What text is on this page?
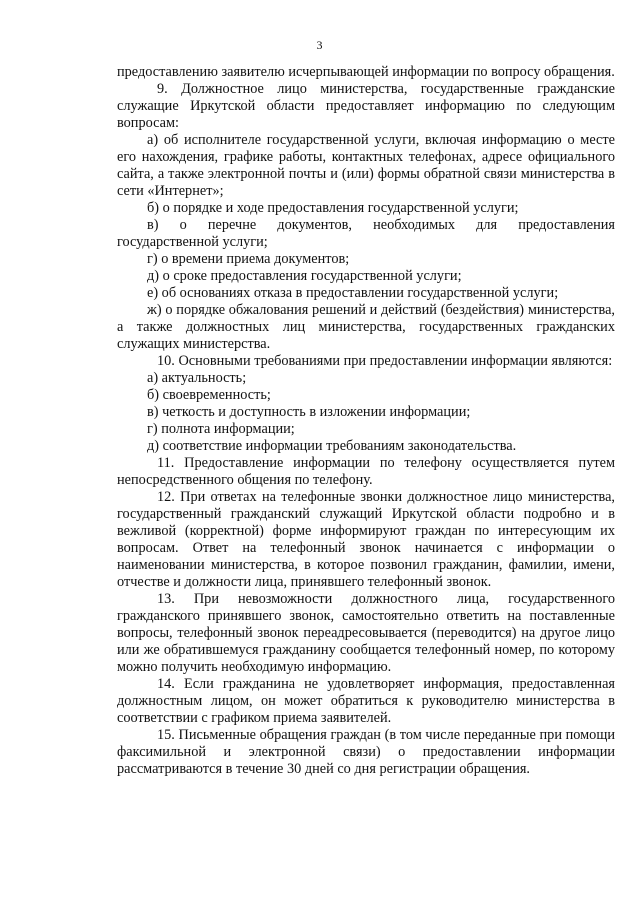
3

предоставлению заявителю исчерпывающей информации по вопросу обращения.

9. Должностное лицо министерства, государственные гражданские служащие Иркутской области предоставляет информацию по следующим вопросам:

а) об исполнителе государственной услуги, включая информацию о месте его нахождения, графике работы, контактных телефонах, адресе официального сайта, а также электронной почты и (или) формы обратной связи министерства в сети «Интернет»;

б) о порядке и ходе предоставления государственной услуги;

в) о перечне документов, необходимых для предоставления государственной услуги;

г) о времени приема документов;

д) о сроке предоставления государственной услуги;

е) об основаниях отказа в предоставлении государственной услуги;

ж) о порядке обжалования решений и действий (бездействия) министерства, а также должностных лиц министерства, государственных гражданских служащих министерства.

10. Основными требованиями при предоставлении информации являются:

а) актуальность;

б) своевременность;

в) четкость и доступность в изложении информации;

г) полнота информации;

д) соответствие информации требованиям законодательства.

11. Предоставление информации по телефону осуществляется путем непосредственного общения по телефону.

12. При ответах на телефонные звонки должностное лицо министерства, государственный гражданский служащий Иркутской области подробно и в вежливой (корректной) форме информируют граждан по интересующим их вопросам. Ответ на телефонный звонок начинается с информации о наименовании министерства, в которое позвонил гражданин, фамилии, имени, отчестве и должности лица, принявшего телефонный звонок.

13. При невозможности должностного лица, государственного гражданского принявшего звонок, самостоятельно ответить на поставленные вопросы, телефонный звонок переадресовывается (переводится) на другое лицо или же обратившемуся гражданину сообщается телефонный номер, по которому можно получить необходимую информацию.

14. Если гражданина не удовлетворяет информация, предоставленная должностным лицом, он может обратиться к руководителю министерства в соответствии с графиком приема заявителей.

15. Письменные обращения граждан (в том числе переданные при помощи факсимильной и электронной связи) о предоставлении информации рассматриваются в течение 30 дней со дня регистрации обращения.
